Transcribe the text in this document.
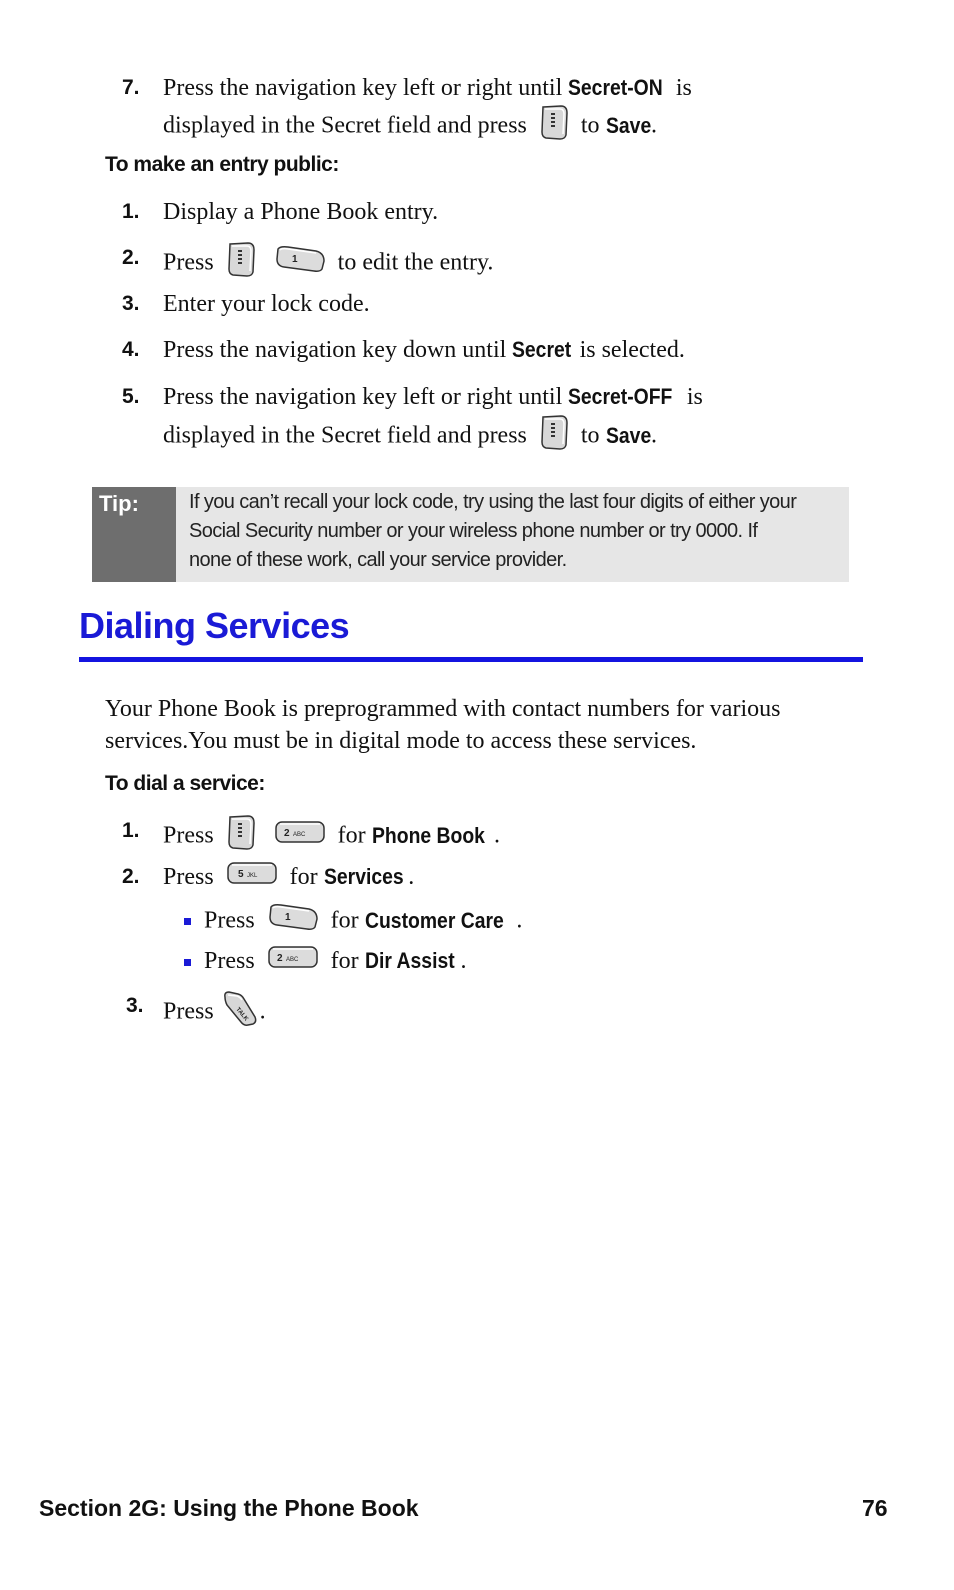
7. Press the navigation key left or right until Secret-ON is
displayed in the Secret field and press to Save.
To make an entry public:
1. Display a Phone Book entry.
2. Press	1 to edit the entry.
3. Enter your lock code.
4. Press the navigation key down until Secret is selected.
5. Press the navigation key left or right until Secret-OFF is
displayed in the Secret field and press to Save.
Tip:	If you can’t recall your lock code, try using the last four digits of either your
Social Security number or your wireless phone number or try 0000. If
none of these work, call your service provider.
Dialing Services
Your Phone Book is preprogrammed with contact numbers for various
services.You must be in digital mode to access these services.
To dial a service:
1. Press	2 ABC for Phone Book .
2. Press 5 JKL for Services .
Press	1 for Customer Care .
Press 2 ABC for Dir Assist .
3. Press	TALK .
Section 2G: Using the Phone Book	76
